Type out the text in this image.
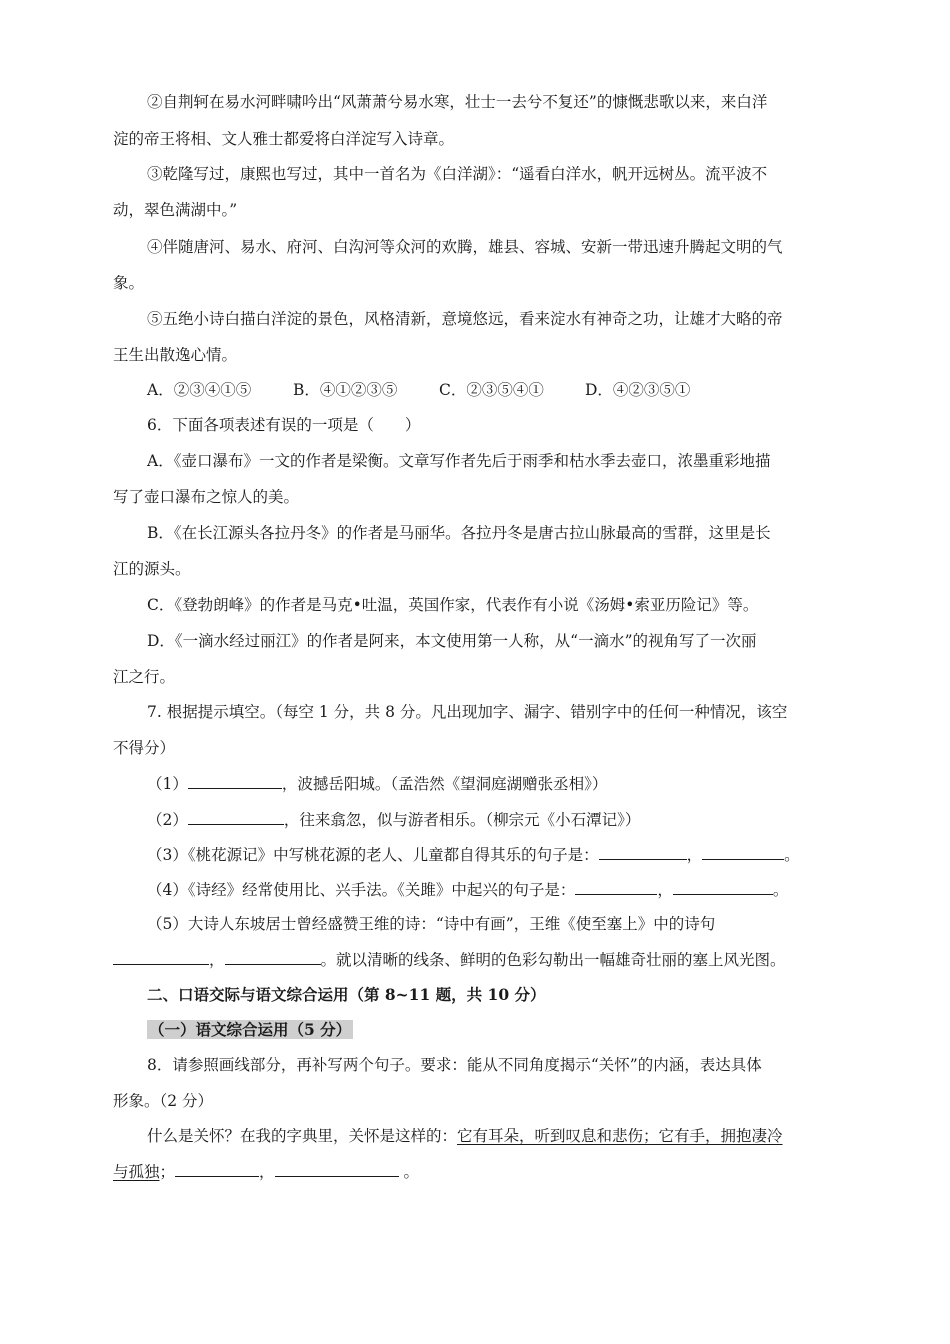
②自荆轲在易水河畔啸吟出“风萧萧兮易水寒，壮士一去兮不复还”的慷慨悲歌以来，来白洋
淀的帝王将相、文人雅士都爱将白洋淀写入诗章。
③乾隆写过，康熙也写过，其中一首名为《白洋湖》：“遥看白洋水，帆开远树丛。流平波不
动，翠色满湖中。”
④伴随唐河、易水、府河、白沟河等众河的欢腾，雄县、容城、安新一带迅速升腾起文明的气
象。
⑤五绝小诗白描白洋淀的景色，风格清新，意境悠远，看来淀水有神奇之功，让雄才大略的帝
王生出散逸心情。
A．②③④①⑤	B．④①②③⑤	C．②③⑤④①	D．④②③⑤①
6．下面各项表述有误的一项是（　　）
A．《壶口瀑布》一文的作者是梁衡。文章写作者先后于雨季和枯水季去壶口，浓墨重彩地描
写了壶口瀑布之惊人的美。
B．《在长江源头各拉丹冬》的作者是马丽华。各拉丹冬是唐古拉山脉最高的雪群，这里是长
江的源头。
C．《登勃朗峰》的作者是马克•吐温，英国作家，代表作有小说《汤姆•索亚历险记》等。
D．《一滴水经过丽江》的作者是阿来，本文使用第一人称，从“一滴水”的视角写了一次丽
江之行。
7. 根据提示填空。（每空 1 分，共 8 分。凡出现加字、漏字、错别字中的任何一种情况，该空
不得分）
（1）	，波撼岳阳城。（孟浩然《望洞庭湖赠张丞相》）
（2）	，往来翕忽，似与游者相乐。（柳宗元《小石潭记》）
（3）《桃花源记》中写桃花源的老人、儿童都自得其乐的句子是：	，	。
（4）《诗经》经常使用比、兴手法。《关雎》中起兴的句子是：	，	。
（5）大诗人东坡居士曾经盛赞王维的诗：“诗中有画”，王维《使至塞上》中的诗句
，	。就以清晰的线条、鲜明的色彩勾勒出一幅雄奇壮丽的塞上风光图。
二、口语交际与语文综合运用（第 8~11 题，共 10 分）
（一）语文综合运用（5 分）
8．请参照画线部分，再补写两个句子。要求：能从不同角度揭示“关怀”的内涵，表达具体
形象。（2 分）
什么是关怀？在我的字典里，关怀是这样的：它有耳朵，听到叹息和悲伤；它有手，拥抱凄冷
与孤独；	，	。
